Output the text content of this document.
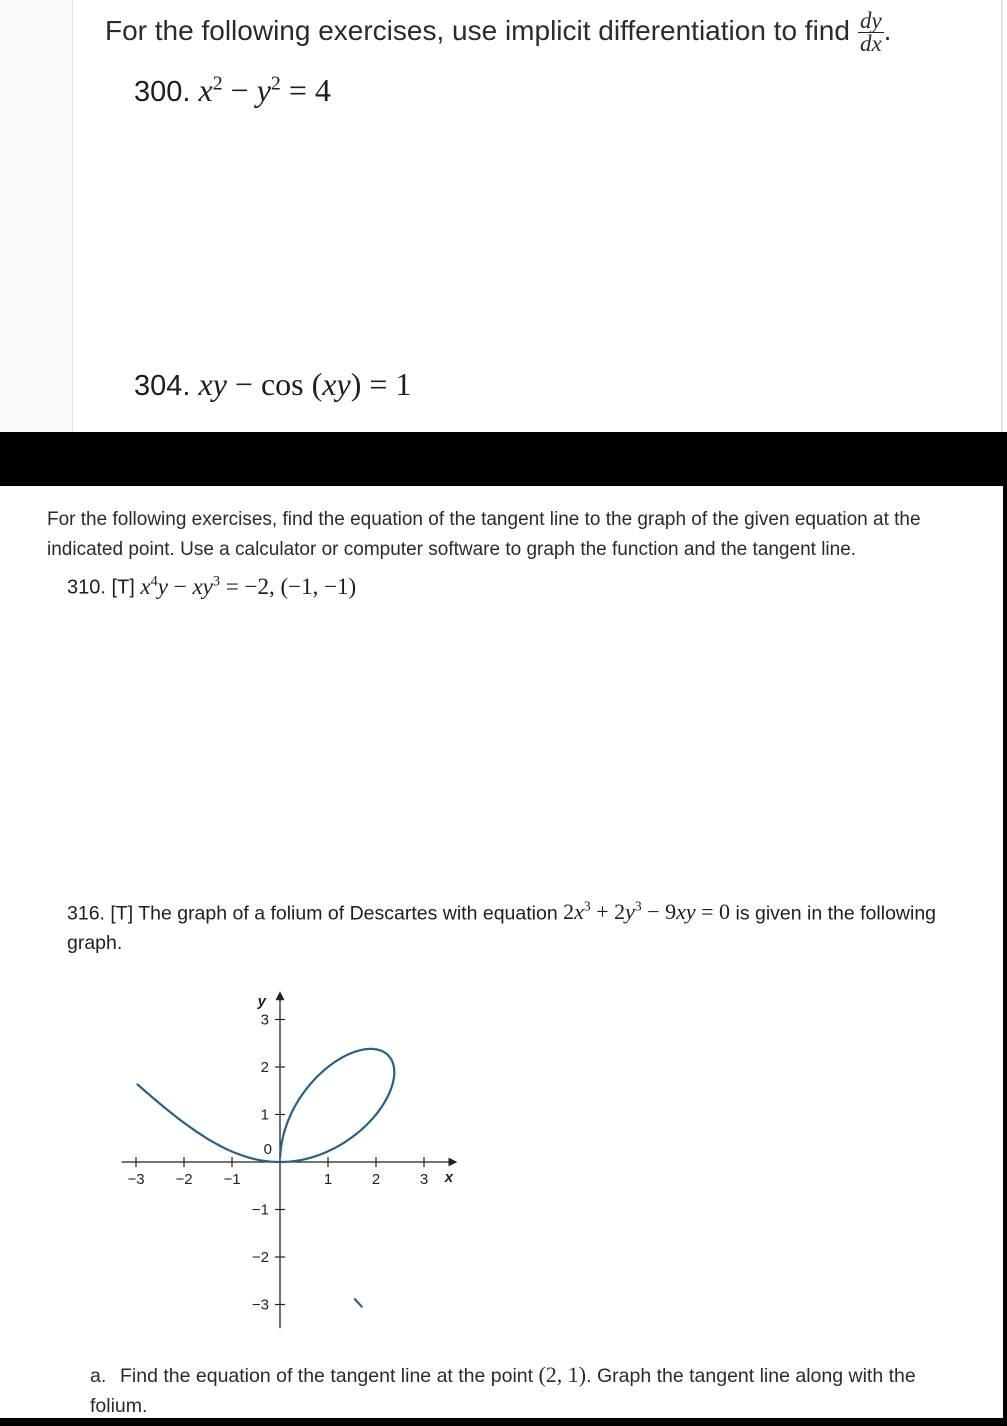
For the following exercises, use implicit differentiation to find $\frac{dy}{dx}$ .
300. $x^2 - y^2 = 4$
304. xy − cos (xy) = 1
For the following exercises, find the equation of the tangent line to the graph of the given equation at the indicated point. Use a calculator or computer software to graph the function and the tangent line.
310. [T] $x^4y - xy^3 = -2$, (−1, −1)
316. [T] The graph of a folium of Descartes with equation $2x^3 + 2y^3 - 9xy = 0$ is given in the following graph.
−3 −2 −1	1	2	3
−3
−2
−1
1
2
3
0
x
y
a. Find the equation of the tangent line at the point (2, 1). Graph the tangent line along with the folium.
